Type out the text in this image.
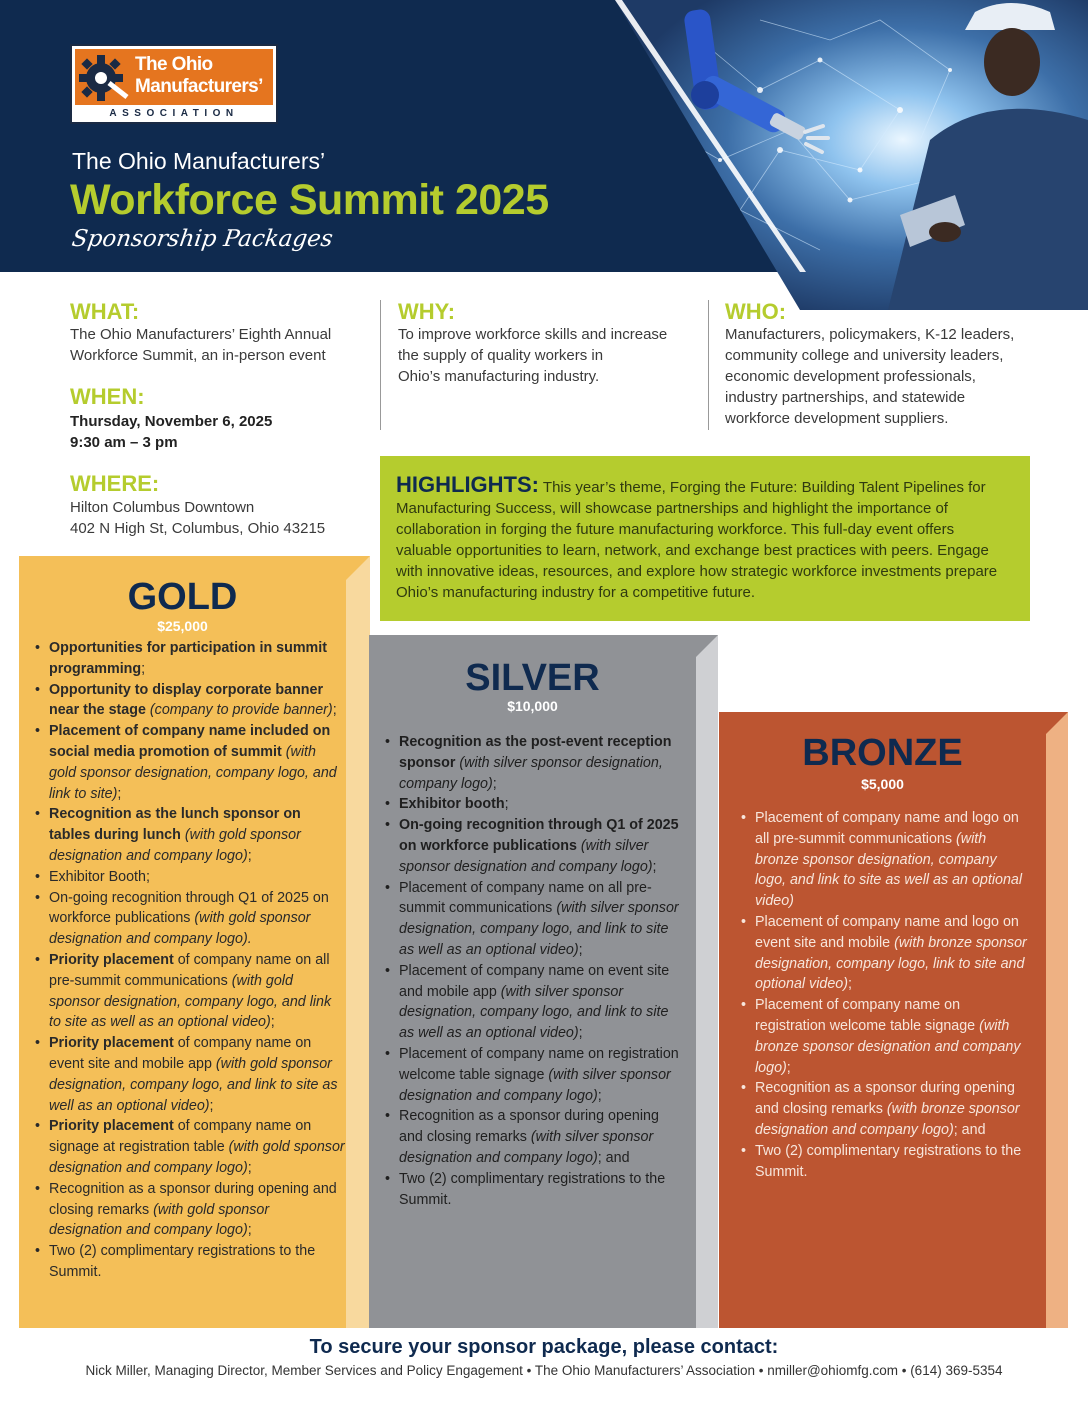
The Ohio
Manufacturers’
ASSOCIATION
The Ohio Manufacturers’
Workforce Summit 2025
Sponsorship Packages
WHAT:
The Ohio Manufacturers’ Eighth Annual
Workforce Summit, an in-person event
WHEN:
Thursday, November 6, 2025
9:30 am – 3 pm
WHERE:
Hilton Columbus Downtown
402 N High St, Columbus, Ohio 43215
WHY:
To improve workforce skills and increase
the supply of quality workers in
Ohio’s manufacturing industry.
WHO:
Manufacturers, policymakers, K-12 leaders,
community college and university leaders,
economic development professionals,
industry partnerships, and statewide
workforce development suppliers.
HIGHLIGHTS: This year’s theme, Forging the Future: Building Talent Pipelines for Manufacturing Success, will showcase partnerships and highlight the importance of collaboration in forging the future manufacturing workforce. This full-day event offers valuable opportunities to learn, network, and exchange best practices with peers. Engage with innovative ideas, resources, and explore how strategic workforce investments prepare Ohio’s manufacturing industry for a competitive future.
GOLD
$25,000
• Opportunities for participation in summit programming;
• Opportunity to display corporate banner near the stage (company to provide banner);
• Placement of company name included on social media promotion of summit (with gold sponsor designation, company logo, and link to site);
• Recognition as the lunch sponsor on tables during lunch (with gold sponsor designation and company logo);
• Exhibitor Booth;
• On-going recognition through Q1 of 2025 on workforce publications (with gold sponsor designation and company logo).
• Priority placement of company name on all pre-summit communications (with gold sponsor designation, company logo, and link to site as well as an optional video);
• Priority placement of company name on event site and mobile app (with gold sponsor designation, company logo, and link to site as well as an optional video);
• Priority placement of company name on signage at registration table (with gold sponsor designation and company logo);
• Recognition as a sponsor during opening and closing remarks (with gold sponsor designation and company logo);
• Two (2) complimentary registrations to the Summit.
SILVER
$10,000
• Recognition as the post-event reception sponsor (with silver sponsor designation, company logo);
• Exhibitor booth;
• On-going recognition through Q1 of 2025 on workforce publications (with silver sponsor designation and company logo);
• Placement of company name on all pre-summit communications (with silver sponsor designation, company logo, and link to site as well as an optional video);
• Placement of company name on event site and mobile app (with silver sponsor designation, company logo, and link to site as well as an optional video);
• Placement of company name on registration welcome table signage (with silver sponsor designation and company logo);
• Recognition as a sponsor during opening and closing remarks (with silver sponsor designation and company logo); and
• Two (2) complimentary registrations to the Summit.
BRONZE
$5,000
• Placement of company name and logo on all pre-summit communications (with bronze sponsor designation, company logo, and link to site as well as an optional video)
• Placement of company name and logo on event site and mobile (with bronze sponsor designation, company logo, link to site and optional video);
• Placement of company name on registration welcome table signage (with bronze sponsor designation and company logo);
• Recognition as a sponsor during opening and closing remarks (with bronze sponsor designation and company logo); and
• Two (2) complimentary registrations to the Summit.
To secure your sponsor package, please contact:
Nick Miller, Managing Director, Member Services and Policy Engagement • The Ohio Manufacturers’ Association • nmiller@ohiomfg.com • (614) 369-5354
